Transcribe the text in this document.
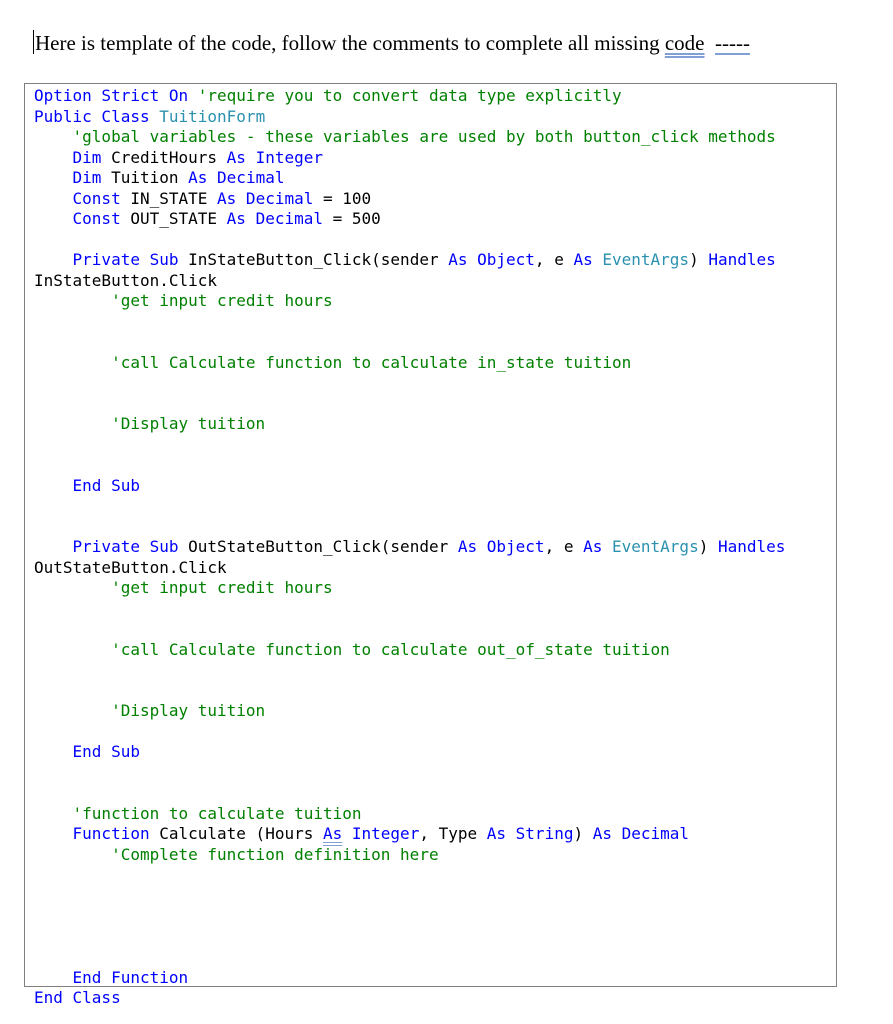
Here is template of the code, follow the comments to complete all missing code -----
Option Strict On 'require you to convert data type explicitly
Public Class TuitionForm
'global variables - these variables are used by both button_click methods
Dim CreditHours As Integer
Dim Tuition As Decimal
Const IN_STATE As Decimal = 100
Const OUT_STATE As Decimal = 500
Private Sub InStateButton_Click(sender As Object, e As EventArgs) Handles
InStateButton.Click
'get input credit hours
'call Calculate function to calculate in_state tuition
'Display tuition
End Sub
Private Sub OutStateButton_Click(sender As Object, e As EventArgs) Handles
OutStateButton.Click
'get input credit hours
'call Calculate function to calculate out_of_state tuition
'Display tuition
End Sub
'function to calculate tuition
Function Calculate (Hours As Integer, Type As String) As Decimal
'Complete function definition here
End Function
End Class
